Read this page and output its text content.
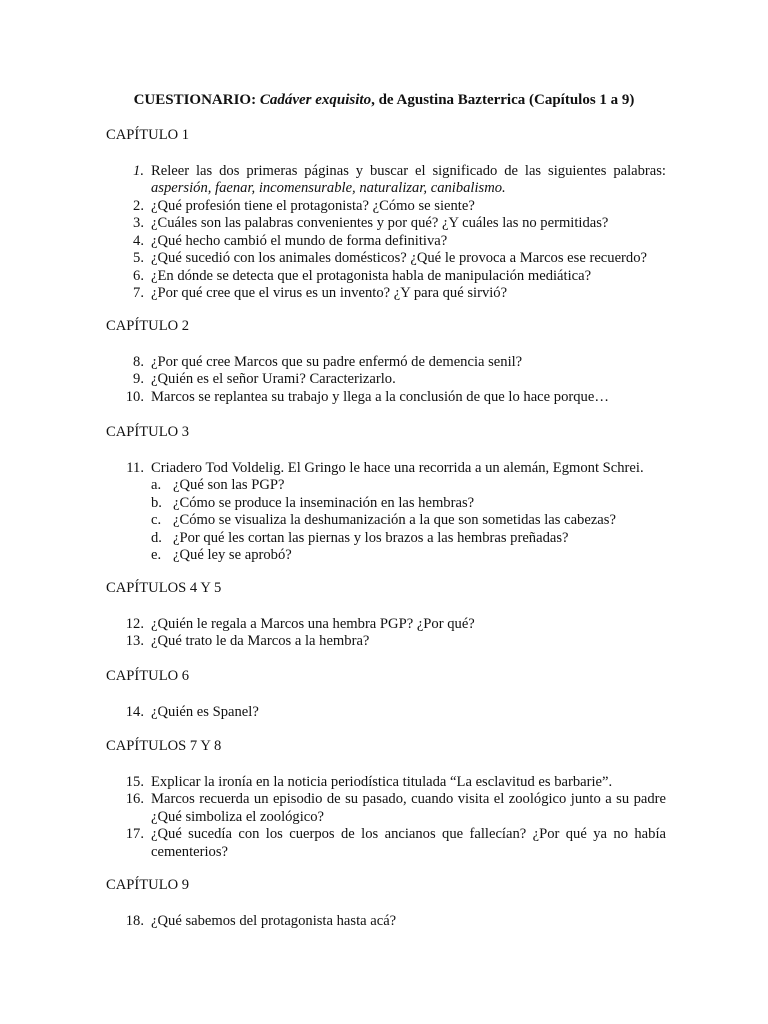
CUESTIONARIO: Cadáver exquisito, de Agustina Bazterrica (Capítulos 1 a 9)
CAPÍTULO 1
1. Releer las dos primeras páginas y buscar el significado de las siguientes palabras: aspersión, faenar, incomensurable, naturalizar, canibalismo.
2. ¿Qué profesión tiene el protagonista? ¿Cómo se siente?
3. ¿Cuáles son las palabras convenientes y por qué? ¿Y cuáles las no permitidas?
4. ¿Qué hecho cambió el mundo de forma definitiva?
5. ¿Qué sucedió con los animales domésticos? ¿Qué le provoca a Marcos ese recuerdo?
6. ¿En dónde se detecta que el protagonista habla de manipulación mediática?
7. ¿Por qué cree que el virus es un invento? ¿Y para qué sirvió?
CAPÍTULO 2
8. ¿Por qué cree Marcos que su padre enfermó de demencia senil?
9. ¿Quién es el señor Urami? Caracterizarlo.
10. Marcos se replantea su trabajo y llega a la conclusión de que lo hace porque…
CAPÍTULO 3
11. Criadero Tod Voldelig. El Gringo le hace una recorrida a un alemán, Egmont Schrei.
a. ¿Qué son las PGP?
b. ¿Cómo se produce la inseminación en las hembras?
c. ¿Cómo se visualiza la deshumanización a la que son sometidas las cabezas?
d. ¿Por qué les cortan las piernas y los brazos a las hembras preñadas?
e. ¿Qué ley se aprobó?
CAPÍTULOS 4 Y 5
12. ¿Quién le regala a Marcos una hembra PGP? ¿Por qué?
13. ¿Qué trato le da Marcos a la hembra?
CAPÍTULO 6
14. ¿Quién es Spanel?
CAPÍTULOS 7 Y 8
15. Explicar la ironía en la noticia periodística titulada “La esclavitud es barbarie”.
16. Marcos recuerda un episodio de su pasado, cuando visita el zoológico junto a su padre ¿Qué simboliza el zoológico?
17. ¿Qué sucedía con los cuerpos de los ancianos que fallecían? ¿Por qué ya no había cementerios?
CAPÍTULO 9
18. ¿Qué sabemos del protagonista hasta acá?
